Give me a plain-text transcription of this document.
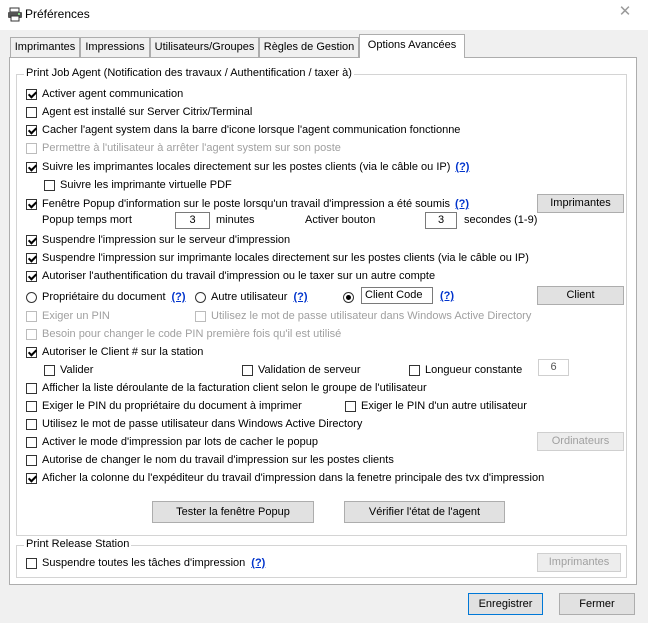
Préférences	✕
Imprimantes Impressions Utilisateurs/Groupes Règles de Gestion	Options Avancées
Print Job Agent (Notification des travaux / Authentification / taxer à)
Activer agent communication
Agent est installé sur Server Citrix/Terminal
Cacher l'agent system dans la barre d'icone lorsque l'agent communication fonctionne
Permettre à l'utilisateur à arrêter l'agent system sur son poste
Suivre les imprimantes locales directement sur les postes clients (via le câble ou IP) (?)
Suivre les imprimante virtuelle PDF
Fenêtre Popup d'information sur le poste lorsqu'un travail d'impression a été soumis (?)	Imprimantes
Popup temps mort	3	minutes	Activer bouton	3	secondes (1-9)
Suspendre l'impression sur le serveur d'impression
Suspendre l'impression sur imprimante locales directement sur les postes clients (via le câble ou IP)
Autoriser l'authentification du travail d'impression ou le taxer sur un autre compte
Propriétaire du document (?) Autre utilisateur (?)	Client Code	(?)	Client
Exiger un PIN	Utilisez le mot de passe utilisateur dans Windows Active Directory
Besoin pour changer le code PIN première fois qu'il est utilisé
Autoriser le Client # sur la station
Valider	Validation de serveur	Longueur constante	6
Afficher la liste déroulante de la facturation client selon le groupe de l'utilisateur
Exiger le PIN du propriétaire du document à imprimer	Exiger le PIN d'un autre utilisateur
Utilisez le mot de passe utilisateur dans Windows Active Directory
Activer le mode d'impression par lots de cacher le popup	Ordinateurs
Autorise de changer le nom du travail d'impression sur les postes clients
Aficher la colonne du l'expéditeur du travail d'impression dans la fenetre principale des tvx d'impression
Tester la fenêtre Popup	Vérifier l'état de l'agent
Print Release Station
Suspendre toutes les tâches d'impression (?)	Imprimantes
Enregistrer	Fermer
